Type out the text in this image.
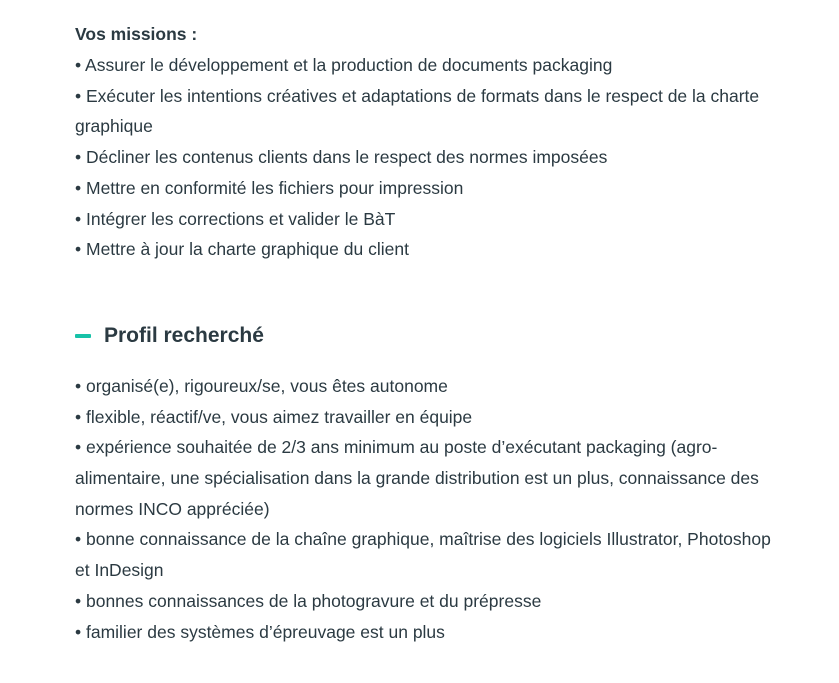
Vos missions :

• Assurer le développement et la production de documents packaging
• Exécuter les intentions créatives et adaptations de formats dans le respect de la charte graphique
• Décliner les contenus clients dans le respect des normes imposées
• Mettre en conformité les fichiers pour impression
• Intégrer les corrections et valider le BàT
• Mettre à jour la charte graphique du client
Profil recherché
• organisé(e), rigoureux/se, vous êtes autonome
• flexible, réactif/ve, vous aimez travailler en équipe
• expérience souhaitée de 2/3 ans minimum au poste d’exécutant packaging (agro-alimentaire, une spécialisation dans la grande distribution est un plus, connaissance des normes INCO appréciée)
• bonne connaissance de la chaîne graphique, maîtrise des logiciels Illustrator, Photoshop et InDesign
• bonnes connaissances de la photogravure et du prépresse
• familier des systèmes d’épreuvage est un plus
